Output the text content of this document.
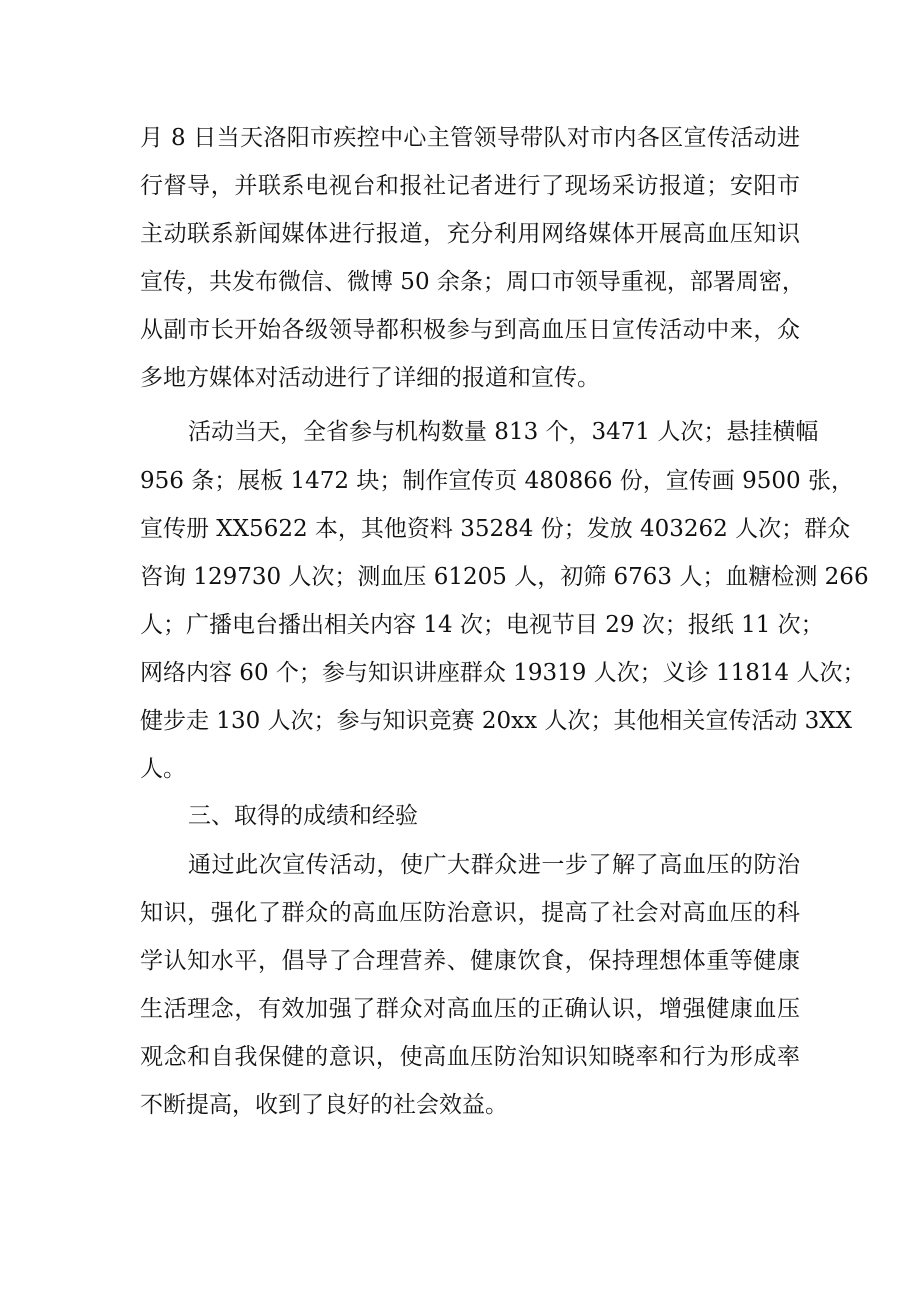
月 8 日当天洛阳市疾控中心主管领导带队对市内各区宣传活动进
行督导，并联系电视台和报社记者进行了现场采访报道；安阳市
主动联系新闻媒体进行报道，充分利用网络媒体开展高血压知识
宣传，共发布微信、微博 50 余条；周口市领导重视，部署周密，
从副市长开始各级领导都积极参与到高血压日宣传活动中来，众
多地方媒体对活动进行了详细的报道和宣传。
活动当天，全省参与机构数量 813 个，3471 人次；悬挂横幅
956 条；展板 1472 块；制作宣传页 480866 份，宣传画 9500 张，
宣传册 XX5622 本，其他资料 35284 份；发放 403262 人次；群众
咨询 129730 人次；测血压 61205 人，初筛 6763 人；血糖检测 266
人；广播电台播出相关内容 14 次；电视节目 29 次；报纸 11 次；
网络内容 60 个；参与知识讲座群众 19319 人次；义诊 11814 人次；
健步走 130 人次；参与知识竞赛 20xx 人次；其他相关宣传活动 3XX
人。
三、取得的成绩和经验
通过此次宣传活动，使广大群众进一步了解了高血压的防治
知识，强化了群众的高血压防治意识，提高了社会对高血压的科
学认知水平，倡导了合理营养、健康饮食，保持理想体重等健康
生活理念，有效加强了群众对高血压的正确认识，增强健康血压
观念和自我保健的意识，使高血压防治知识知晓率和行为形成率
不断提高，收到了良好的社会效益。
